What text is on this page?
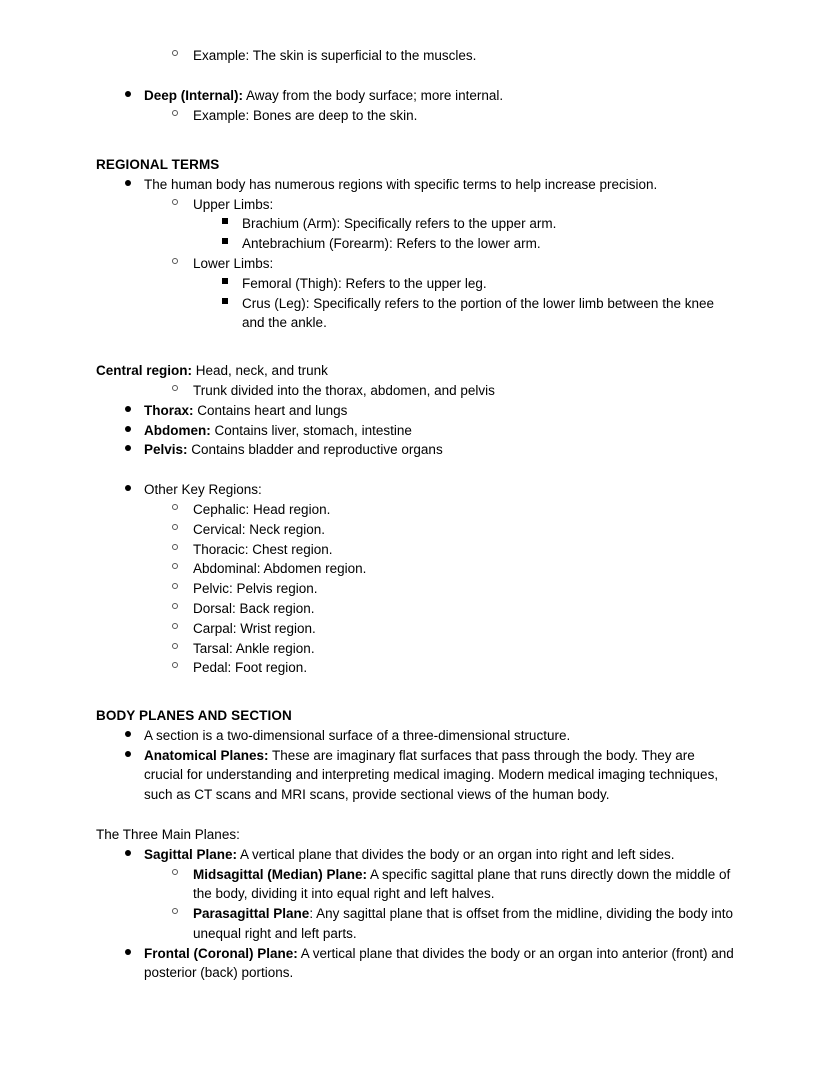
Example: The skin is superficial to the muscles.
Deep (Internal): Away from the body surface; more internal.
Example: Bones are deep to the skin.
REGIONAL TERMS
The human body has numerous regions with specific terms to help increase precision.
Upper Limbs:
Brachium (Arm): Specifically refers to the upper arm.
Antebrachium (Forearm): Refers to the lower arm.
Lower Limbs:
Femoral (Thigh): Refers to the upper leg.
Crus (Leg): Specifically refers to the portion of the lower limb between the knee and the ankle.
Central region: Head, neck, and trunk
Trunk divided into the thorax, abdomen, and pelvis
Thorax: Contains heart and lungs
Abdomen: Contains liver, stomach, intestine
Pelvis: Contains bladder and reproductive organs
Other Key Regions:
Cephalic: Head region.
Cervical: Neck region.
Thoracic: Chest region.
Abdominal: Abdomen region.
Pelvic: Pelvis region.
Dorsal: Back region.
Carpal: Wrist region.
Tarsal: Ankle region.
Pedal: Foot region.
BODY PLANES AND SECTION
A section is a two-dimensional surface of a three-dimensional structure.
Anatomical Planes: These are imaginary flat surfaces that pass through the body. They are crucial for understanding and interpreting medical imaging. Modern medical imaging techniques, such as CT scans and MRI scans, provide sectional views of the human body.
The Three Main Planes:
Sagittal Plane: A vertical plane that divides the body or an organ into right and left sides.
Midsagittal (Median) Plane: A specific sagittal plane that runs directly down the middle of the body, dividing it into equal right and left halves.
Parasagittal Plane: Any sagittal plane that is offset from the midline, dividing the body into unequal right and left parts.
Frontal (Coronal) Plane: A vertical plane that divides the body or an organ into anterior (front) and posterior (back) portions.
